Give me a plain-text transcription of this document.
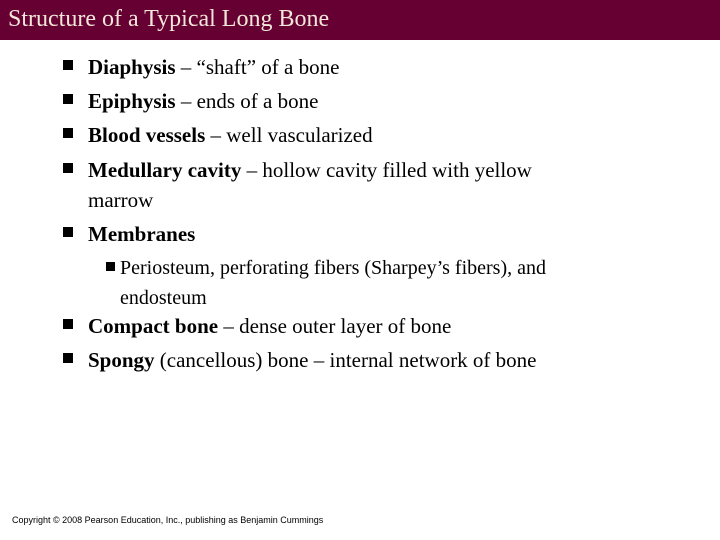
Structure of a Typical Long Bone
Diaphysis – “shaft” of a bone
Epiphysis – ends of a bone
Blood vessels – well vascularized
Medullary cavity – hollow cavity filled with yellow
marrow
Membranes
Periosteum, perforating fibers (Sharpey’s fibers), and
endosteum
Compact bone – dense outer layer of bone
Spongy (cancellous) bone – internal network of bone
Copyright © 2008 Pearson Education, Inc., publishing as Benjamin Cummings
